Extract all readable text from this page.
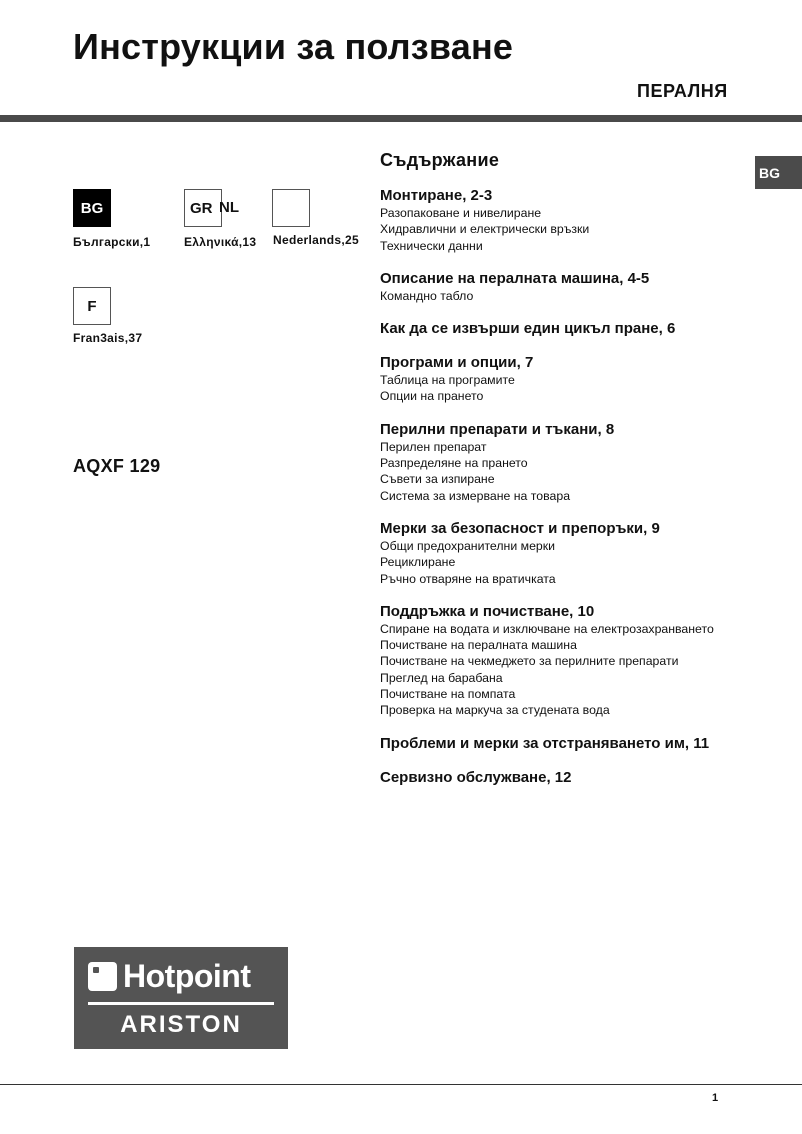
Инструкции за ползване
ПЕРАЛНЯ
BG
BG
Български,1
GR
Ελληνικά,13
NL
Nederlands,25
F
Fran3ais,37
AQXF 129
Съдържание
Монтиране, 2-3
Разопаковане и нивелиране
Хидравлични и електрически връзки
Технически данни
Описание на пералната машина, 4-5
Командно табло
Как да се извърши един цикъл пране, 6
Програми и опции, 7
Таблица на програмите
Опции на прането
Перилни препарати и тъкани, 8
Перилен препарат
Разпределяне на прането
Съвети за изпиране
Система за измерване на товара
Мерки за безопасност и препоръки, 9
Общи предохранителни мерки
Рециклиране
Ръчно отваряне на вратичката
Поддръжка и почистване, 10
Спиране на водата и изключване на електрозахранването
Почистване на пералната машина
Почистване на чекмеджето за перилните препарати
Преглед на барабана
Почистване на помпата
Проверка на маркуча за студената вода
Проблеми и мерки за отстраняването им, 11
Сервизно обслужване, 12
Hotpoint
ARISTON
1
